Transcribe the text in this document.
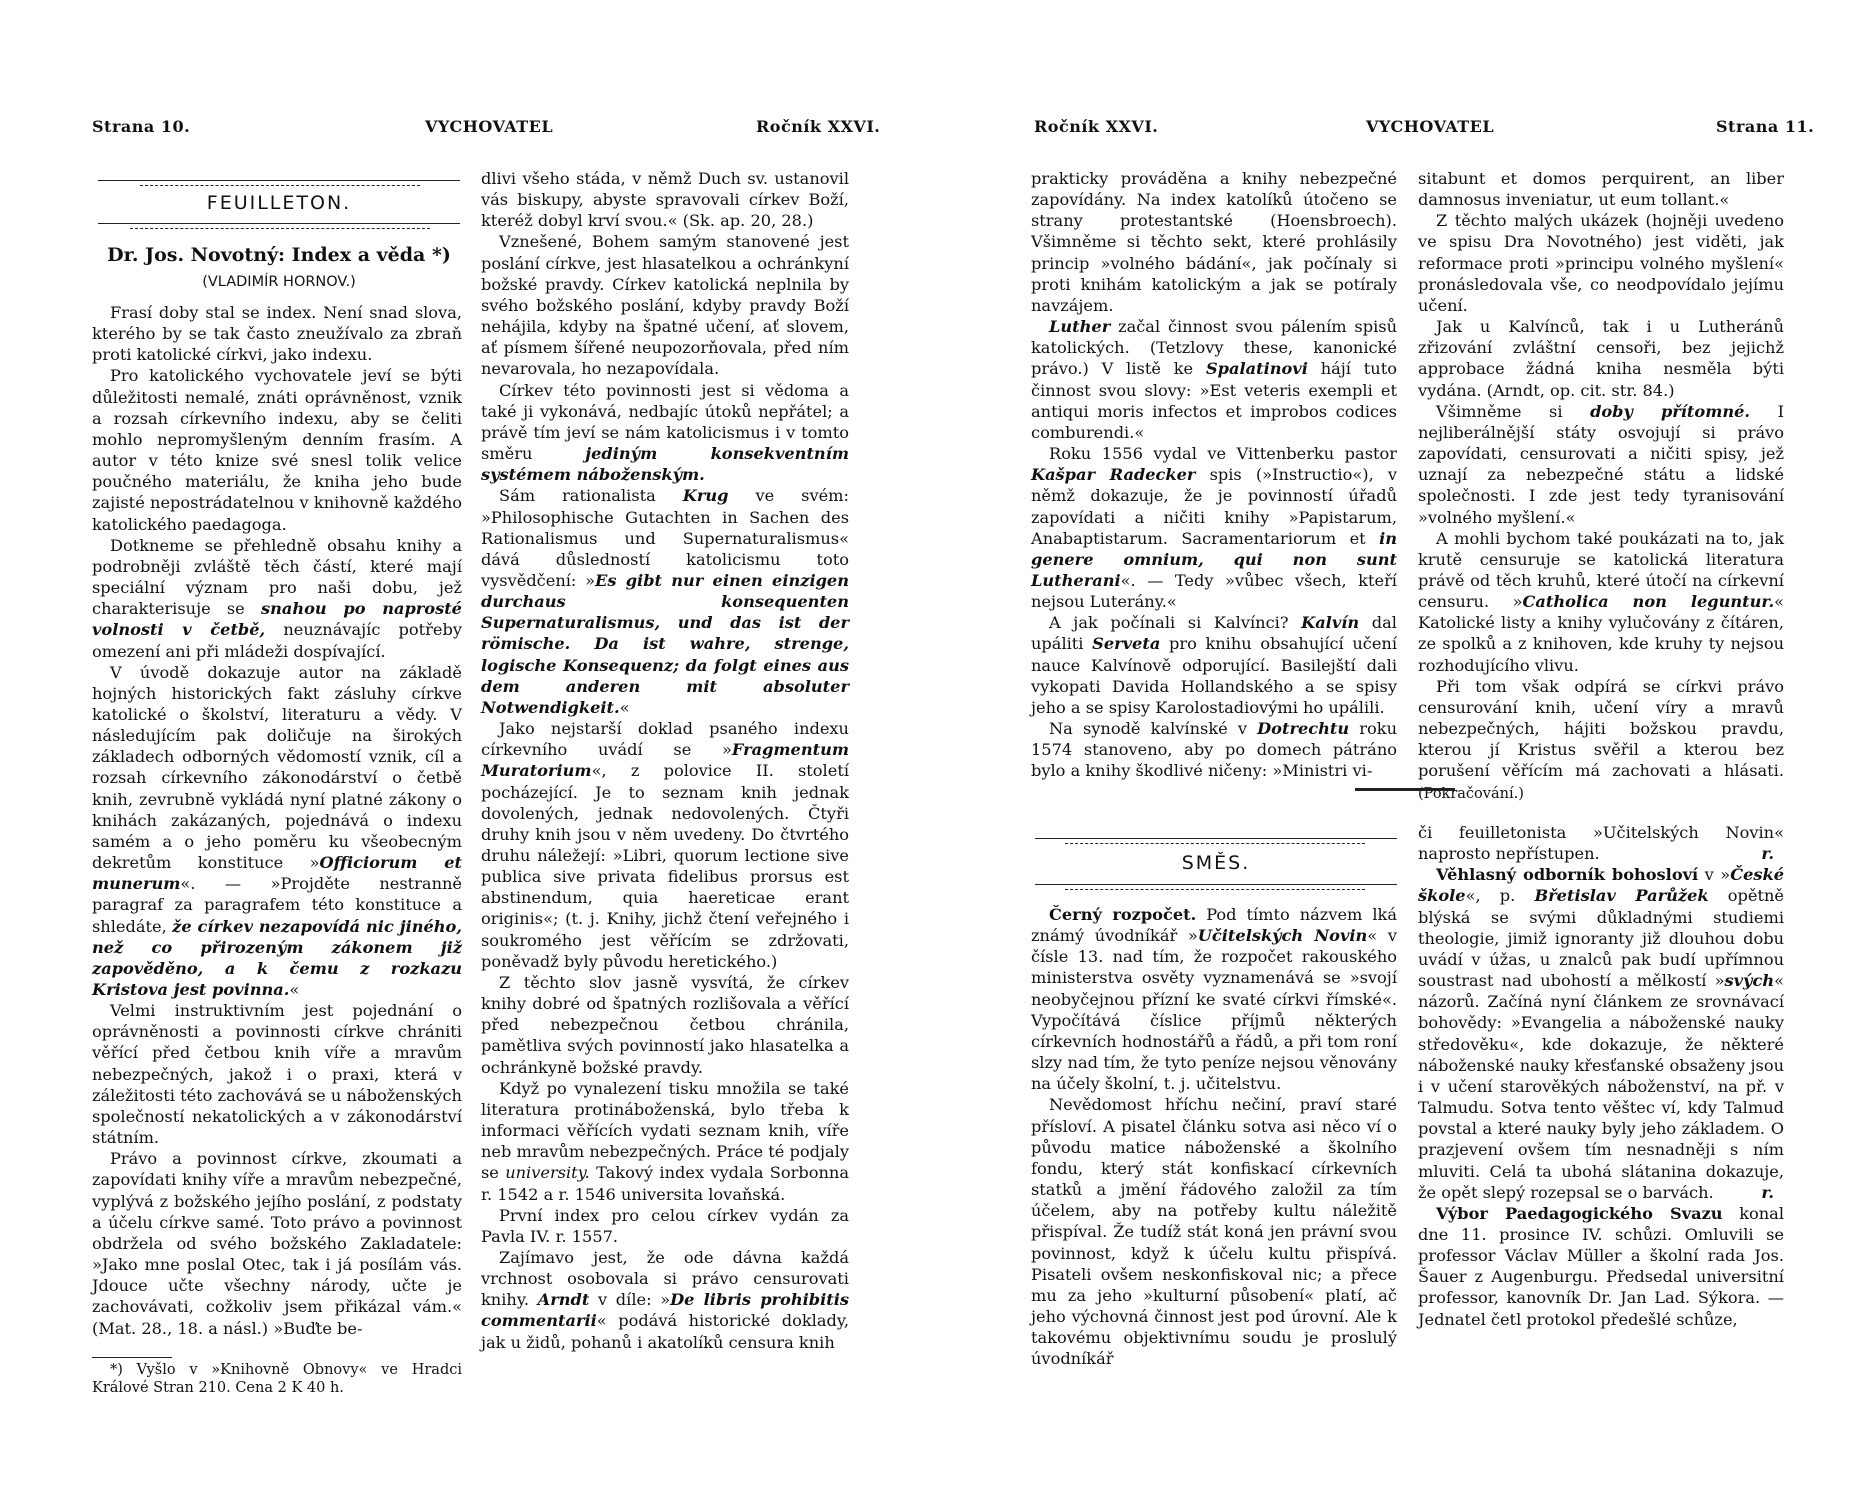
Strana 10.	VYCHOVATEL	Ročník XXVI.
FEUILLETON.
Dr. Jos. Novotný: Index a věda *)
(VLADIMÍR HORNOV.)

Frasí doby stal se index. Není snad slova, kterého by se tak často zneužívalo za zbraň proti katolické církvi, jako indexu.

Pro katolického vychovatele jeví se býti důležitosti nemalé, znáti oprávněnost, vznik a rozsah církevního indexu, aby se čeliti mohlo nepromyšleným denním frasím. A autor v této knize své snesl tolik velice poučného materiálu, že kniha jeho bude zajisté nepostrádatelnou v knihovně každého katolického paedagoga.

Dotkneme se přehledně obsahu knihy a podrobněji zvláště těch částí, které mají speciální význam pro naši dobu, jež charakterisuje se snahou po naprosté volnosti v četbě, neuznávajíc potřeby omezení ani při mládeži dospívající.

V úvodě dokazuje autor na základě hojných historických fakt zásluhy církve katolické o školství, literaturu a vědy. V následujícím pak doličuje na širokých základech odborných vědomostí vznik, cíl a rozsah církevního zákonodárství o četbě knih, zevrubně vykládá nyní platné zákony o knihách zakázaných, pojednává o indexu samém a o jeho poměru ku všeobecným dekretům konstituce »Officiorum et munerum«. — »Projděte nestranně paragraf za paragrafem této konstituce a shledáte, že církev nezapovídá nic jiného, než co přirozeným zákonem již zapověděno, a k čemu z rozkazu Kristova jest povinna.«

Velmi instruktivním jest pojednání o oprávněnosti a povinnosti církve chrániti věřící před četbou knih víře a mravům nebezpečných, jakož i o praxi, která v záležitosti této zachovává se u náboženských společností nekatolických a v zákonodárství státním.

Právo a povinnost církve, zkoumati a zapovídati knihy víře a mravům nebezpečné, vyplývá z božského jejího poslání, z podstaty a účelu církve samé. Toto právo a povinnost obdržela od svého božského Zakladatele: »Jako mne poslal Otec, tak i já posílám vás. Jdouce učte všechny národy, učte je zachovávati, cožkoliv jsem přikázal vám.« (Mat. 28., 18. a násl.) »Buďte be-

*) Vyšlo v »Knihovně Obnovy« ve Hradci Králové Stran 210. Cena 2 K 40 h.

dlivi všeho stáda, v němž Duch sv. ustanovil vás biskupy, abyste spravovali církev Boží, kteréž dobyl krví svou.« (Sk. ap. 20, 28.)

Vznešené, Bohem samým stanovené jest poslání církve, jest hlasatelkou a ochránkyní božské pravdy. Církev katolická neplnila by svého božského poslání, kdyby pravdy Boží nehájila, kdyby na špatné učení, ať slovem, ať písmem šířené neupozorňovala, před ním nevarovala, ho nezapovídala.

Církev této povinnosti jest si vědoma a také ji vykonává, nedbajíc útoků nepřátel; a právě tím jeví se nám katolicismus i v tomto směru	jediným konsekventním systémem náboženským.

Sám rationalista Krug ve svém: »Philosophische Gutachten in Sachen des Rationalismus und Supernaturalismus« dává důsledností katolicismu toto vysvědčení: »Es gibt nur einen einzigen durchaus konsequenten Supernaturalismus, und das ist der römische. Da ist wahre, strenge, logische Konsequenz; da folgt eines aus dem anderen mit absoluter Notwendigkeit.«

Jako nejstarší doklad psaného indexu církevního uvádí se »Fragmentum Muratorium«, z polovice II. století pocházející. Je to seznam knih jednak dovolených, jednak nedovolených. Čtyři druhy knih jsou v něm uvedeny. Do čtvrtého druhu náležejí: »Libri, quorum lectione sive publica sive privata fidelibus prorsus est abstinendum, quia haereticae erant originis«; (t. j. Knihy, jichž čtení veřejného i soukromého jest věřícím se zdržovati, poněvadž byly původu heretického.)

Z těchto slov jasně vysvítá, že církev knihy dobré od špatných rozlišovala a věřící před nebezpečnou četbou chránila, pamětliva svých povinností jako hlasatelka a ochránkyně božské pravdy.

Když po vynalezení tisku množila se také literatura protináboženská, bylo třeba k informaci věřících vydati seznam knih, víře neb mravům nebezpečných. Práce té podjaly se university. Takový index vydala Sorbonna r. 1542 a r. 1546 universita lovaňská.

První index pro celou církev vydán za Pavla IV. r. 1557.

Zajímavo jest, že ode dávna každá vrchnost osobovala si právo censurovati knihy. Arndt v díle: »De libris prohibitis commentarii« podává historické doklady, jak u židů, pohanů i akatolíků censura knih

Ročník XXVI.	VYCHOVATEL	Strana 11.

prakticky prováděna a knihy nebezpečné zapovídány. Na index katolíků útočeno se strany protestantské (Hoensbroech). Všimněme si těchto sekt, které prohlásily princip »volného bádání«, jak počínaly si proti knihám katolickým a jak se potíraly navzájem.

Luther začal činnost svou pálením spisů katolických. (Tetzlovy these, kanonické právo.) V listě ke Spalatinovi hájí tuto činnost svou slovy: »Est veteris exempli et antiqui moris infectos et improbos codices comburendi.«

Roku 1556 vydal ve Vittenberku pastor Kašpar Radecker spis (»Instructio«), v němž dokazuje, že je povinností úřadů zapovídati a ničiti knihy »Papistarum, Anabaptistarum. Sacramentariorum et in genere omnium, qui non sunt Lutherani«. — Tedy »vůbec všech, kteří nejsou Luterány.«

A jak počínali si Kalvínci? Kalvín dal upáliti Serveta pro knihu obsahující učení nauce Kalvínově odporující. Basilejští dali vykopati Davida Hollandského a se spisy jeho a se spisy Karolostadiovými ho upálili.

Na synodě kalvínské v Dotrechtu roku 1574 stanoveno, aby po domech pátráno bylo a knihy škodlivé ničeny: »Ministri vi-

sitabunt et domos perquirent, an liber damnosus inveniatur, ut eum tollant.«

Z těchto malých ukázek (hojněji uvedeno ve spisu Dra Novotného) jest viděti, jak reformace proti »principu volného myšlení« pronásledovala vše, co neodpovídalo jejímu učení.

Jak u Kalvínců, tak i u Lutheránů zřizování zvláštní censoři, bez jejichž approbace žádná kniha nesměla býti vydána. (Arndt, op. cit. str. 84.)

Všimněme si doby přítomné. I nejliberálnější státy osvojují si právo zapovídati, censurovati a ničiti spisy, jež uznají za nebezpečné státu a lidské společnosti. I zde jest tedy tyranisování »volného myšlení.«

A mohli bychom také poukázati na to, jak krutě censuruje se katolická literatura právě od těch kruhů, které útočí na církevní censuru. »Catholica non leguntur.« Katolické listy a knihy vylučovány z čítáren, ze spolků a z knihoven, kde kruhy ty nejsou rozhodujícího vlivu.

Při tom však odpírá se církvi právo censurování knih, učení víry a mravů nebezpečných, hájiti božskou pravdu, kterou jí Kristus svěřil a kterou bez porušení věřícím má zachovati a hlásati. (Pokračování.)

SMĚS.

Černý rozpočet. Pod tímto názvem lká známý úvodníkář »Učitelských Novin« v čísle 13. nad tím, že rozpočet rakouského ministerstva osvěty vyznamenává se »svojí neobyčejnou přízní ke svaté církvi římské«. Vypočítává číslice příjmů některých církevních hodnostářů a řádů, a při tom roní slzy nad tím, že tyto peníze nejsou věnovány na účely školní, t. j. učitelstvu.

Nevědomost hříchu nečiní, praví staré přísloví. A pisatel článku sotva asi něco ví o původu matice náboženské a školního fondu, který stát konfiskací církevních statků a jmění řádového založil za tím účelem, aby na potřeby kultu náležitě přispíval. Že tudíž stát koná jen právní svou povinnost, když k účelu kultu přispívá. Pisateli ovšem neskonfiskoval nic; a přece mu za jeho »kulturní působení« platí, ač jeho výchovná činnost jest pod úrovní. Ale k takovému objektivnímu soudu je proslulý úvodníkář

či feuilletonista »Učitelských Novin« naprosto nepřístupen.	r.

Věhlasný odborník bohosloví v »České škole«, p. Břetislav Parůžek opětně blýská se svými důkladnými studiemi theologie, jimiž ignoranty již dlouhou dobu uvádí v úžas, u znalců pak budí upřímnou soustrast nad ubohostí a mělkostí »svých« názorů. Začíná nyní článkem ze srovnávací bohovědy: »Evangelia a náboženské nauky středověku«, kde dokazuje, že některé náboženské nauky křesťanské obsaženy jsou i v učení starověkých náboženství, na př. v Talmudu. Sotva tento věštec ví, kdy Talmud povstal a které nauky byly jeho základem. O prazjevení ovšem tím nesnadněji s ním mluviti. Celá ta ubohá slátanina dokazuje, že opět slepý rozepsal se o barvách.	r.

Výbor Paedagogického Svazu konal dne 11. prosince IV. schůzi. Omluvili se professor Václav Müller a školní rada Jos. Šauer z Augenburgu. Předsedal universitní professor, kanovník Dr. Jan Lad. Sýkora. — Jednatel četl protokol předešlé schůze,
